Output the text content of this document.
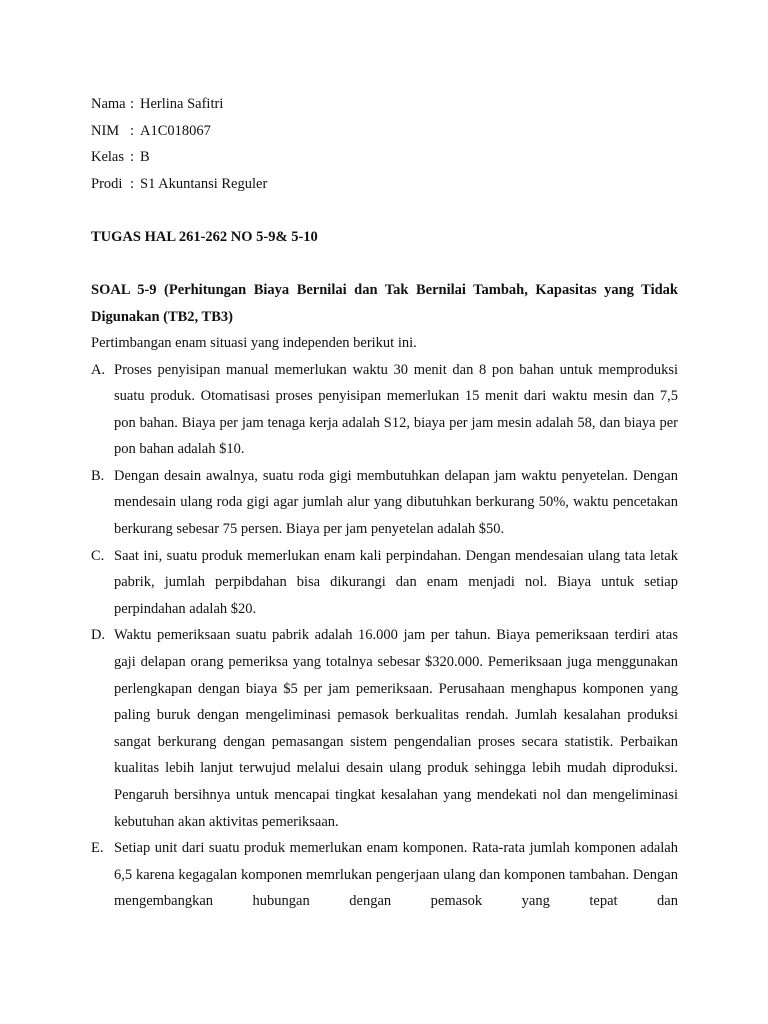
Nama : Herlina Safitri
NIM : A1C018067
Kelas : B
Prodi : S1 Akuntansi Reguler
TUGAS HAL 261-262 NO 5-9& 5-10
SOAL 5-9 (Perhitungan Biaya Bernilai dan Tak Bernilai Tambah, Kapasitas yang Tidak Digunakan (TB2, TB3)
Pertimbangan enam situasi yang independen berikut ini.
A. Proses penyisipan manual memerlukan waktu 30 menit dan 8 pon bahan untuk memproduksi suatu produk. Otomatisasi proses penyisipan memerlukan 15 menit dari waktu mesin dan 7,5 pon bahan. Biaya per jam tenaga kerja adalah S12, biaya per jam mesin adalah 58, dan biaya per pon bahan adalah $10.
B. Dengan desain awalnya, suatu roda gigi membutuhkan delapan jam waktu penyetelan. Dengan mendesain ulang roda gigi agar jumlah alur yang dibutuhkan berkurang 50%, waktu pencetakan berkurang sebesar 75 persen. Biaya per jam penyetelan adalah $50.
C. Saat ini, suatu produk memerlukan enam kali perpindahan. Dengan mendesaian ulang tata letak pabrik, jumlah perpibdahan bisa dikurangi dan enam menjadi nol. Biaya untuk setiap perpindahan adalah $20.
D. Waktu pemeriksaan suatu pabrik adalah 16.000 jam per tahun. Biaya pemeriksaan terdiri atas gaji delapan orang pemeriksa yang totalnya sebesar $320.000. Pemeriksaan juga menggunakan perlengkapan dengan biaya $5 per jam pemeriksaan. Perusahaan menghapus komponen yang paling buruk dengan mengeliminasi pemasok berkualitas rendah. Jumlah kesalahan produksi sangat berkurang dengan pemasangan sistem pengendalian proses secara statistik. Perbaikan kualitas lebih lanjut terwujud melalui desain ulang produk sehingga lebih mudah diproduksi. Pengaruh bersihnya untuk mencapai tingkat kesalahan yang mendekati nol dan mengeliminasi kebutuhan akan aktivitas pemeriksaan.
E. Setiap unit dari suatu produk memerlukan enam komponen. Rata-rata jumlah komponen adalah 6,5 karena kegagalan komponen memrlukan pengerjaan ulang dan komponen tambahan. Dengan mengembangkan hubungan dengan pemasok yang tepat dan
